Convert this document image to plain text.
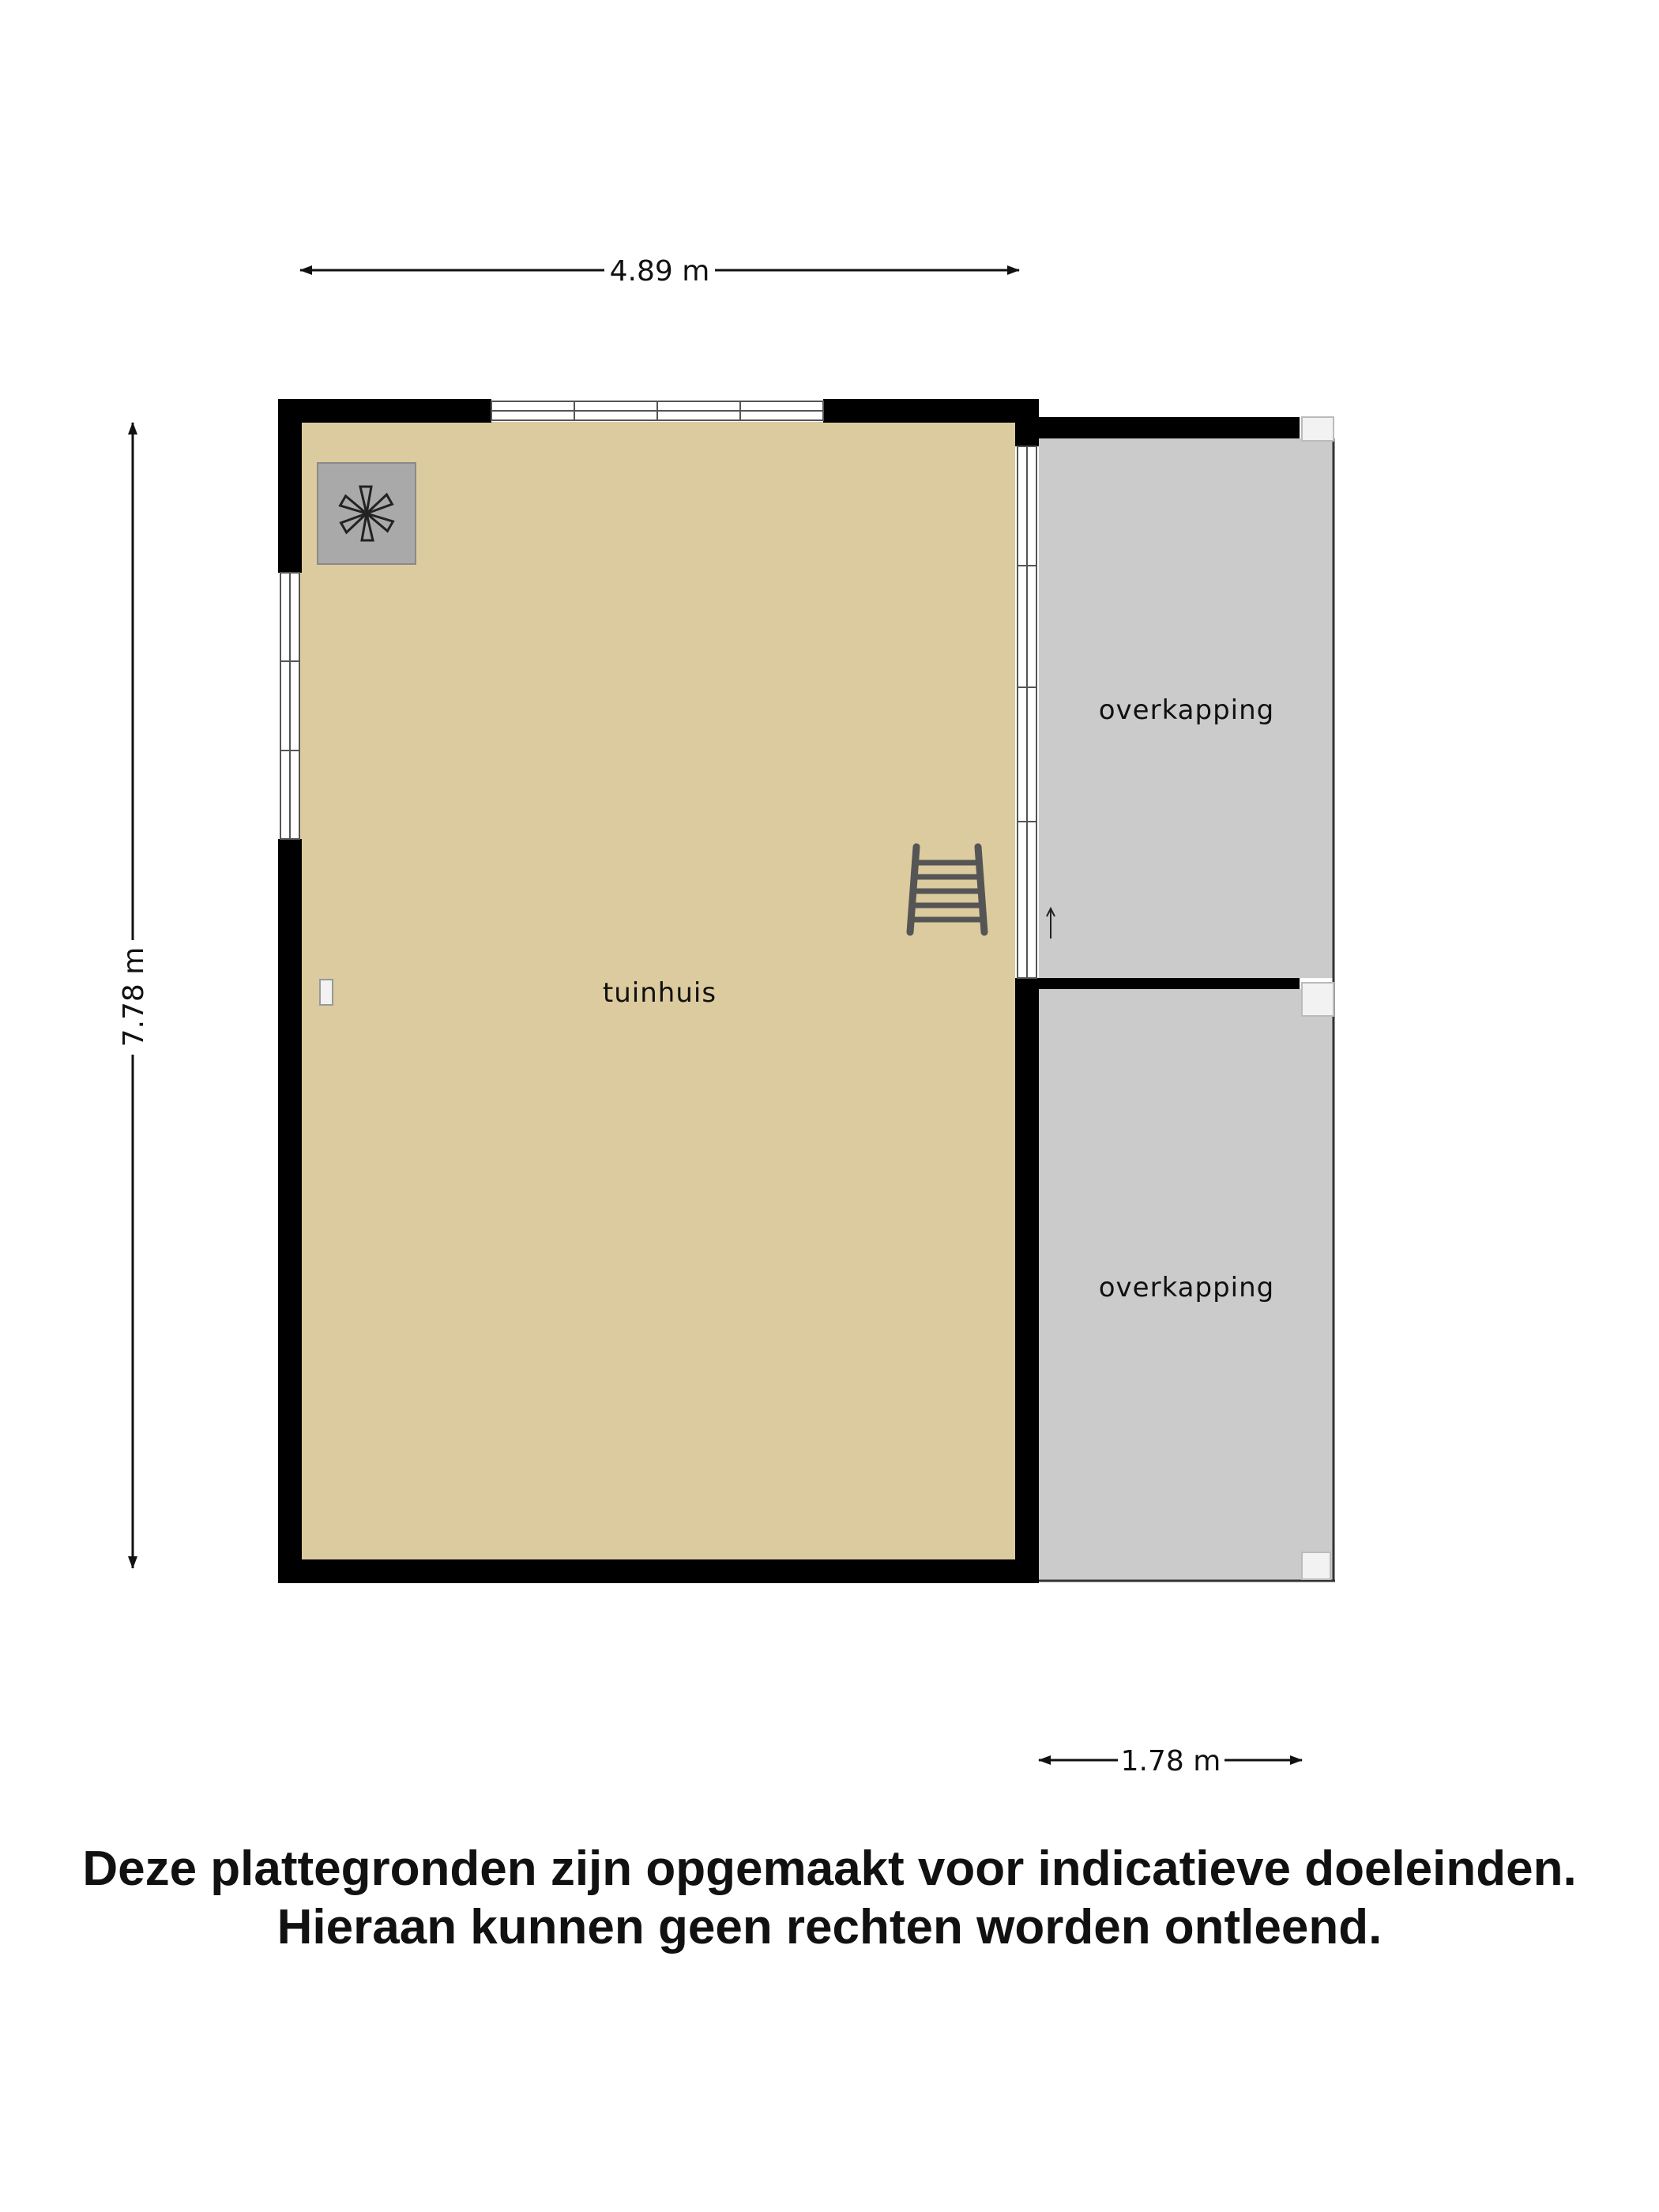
4.89 m
7.78 m
1.78 m
tuinhuis
overkapping
overkapping
Deze plattegronden zijn opgemaakt voor indicatieve doeleinden.
Hieraan kunnen geen rechten worden ontleend.
